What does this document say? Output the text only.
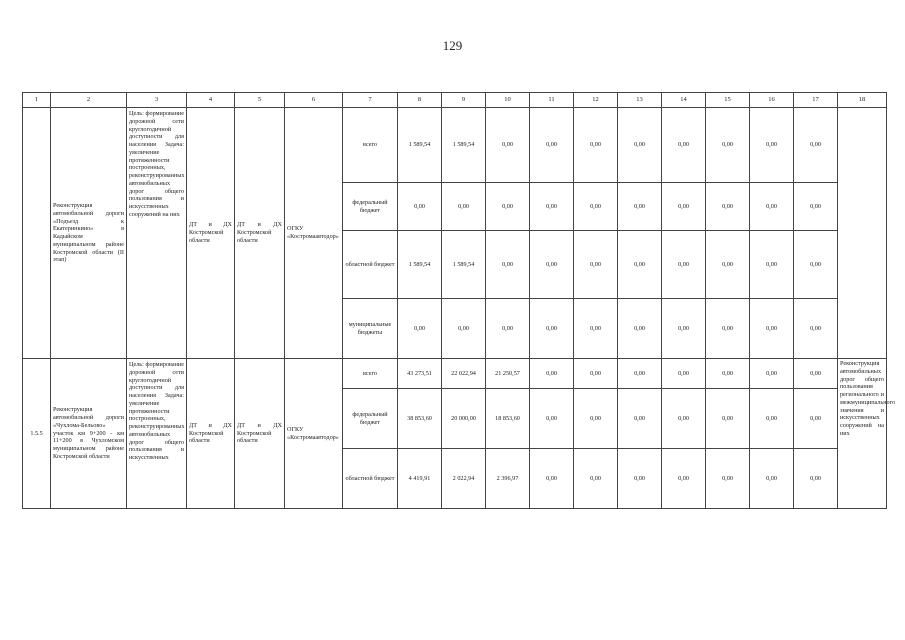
129
1	2	3	4	5	6	7	8	9	10	11	12	13	14	15	16	17	18
	Реконструкция автомобильной дороги «Подъезд к Екатеринкино» в Кадыйском муниципальном районе Костромской области (II этап)	Цель: формирование дорожной сети круглогодичной доступности для населения Задача: увеличение протяженности построенных, реконструированных автомобильных дорог общего пользования и искусственных сооружений на них	ДТ и ДХ Костромской области	ДТ и ДХ Костромской области	ОГКУ «Костромаавтодор»	всего	1 589,54	1 589,54	0,00	0,00	0,00	0,00	0,00	0,00	0,00	0,00	
						федеральный бюджет	0,00	0,00	0,00	0,00	0,00	0,00	0,00	0,00	0,00	0,00	
						областной бюджет	1 589,54	1 589,54	0,00	0,00	0,00	0,00	0,00	0,00	0,00	0,00	
						муниципальные бюджеты	0,00	0,00	0,00	0,00	0,00	0,00	0,00	0,00	0,00	0,00	
1.5.5	Реконструкция автомобильной дороги «Чухлома-Бельово» участок км 9+200 - км 11+200 в Чухломском муниципальном районе Костромской области	Цель: формирование дорожной сети круглогодичной доступности для населения Задача: увеличение протяженности построенных, реконструированных автомобильных дорог общего пользования и искусственных	ДТ и ДХ Костромской области	ДТ и ДХ Костромской области	ОГКУ «Костромаавтодор»	всего	43 273,51	22 022,94	21 250,57	0,00	0,00	0,00	0,00	0,00	0,00	0,00	Реконструкция автомобильных дорог общего пользования регионального и межмуниципального значения и искусственных сооружений на них
						федеральный бюджет	38 853,60	20 000,00	18 853,60	0,00	0,00	0,00	0,00	0,00	0,00	0,00	
						областной бюджет	4 419,91	2 022,94	2 396,97	0,00	0,00	0,00	0,00	0,00	0,00	0,00	
